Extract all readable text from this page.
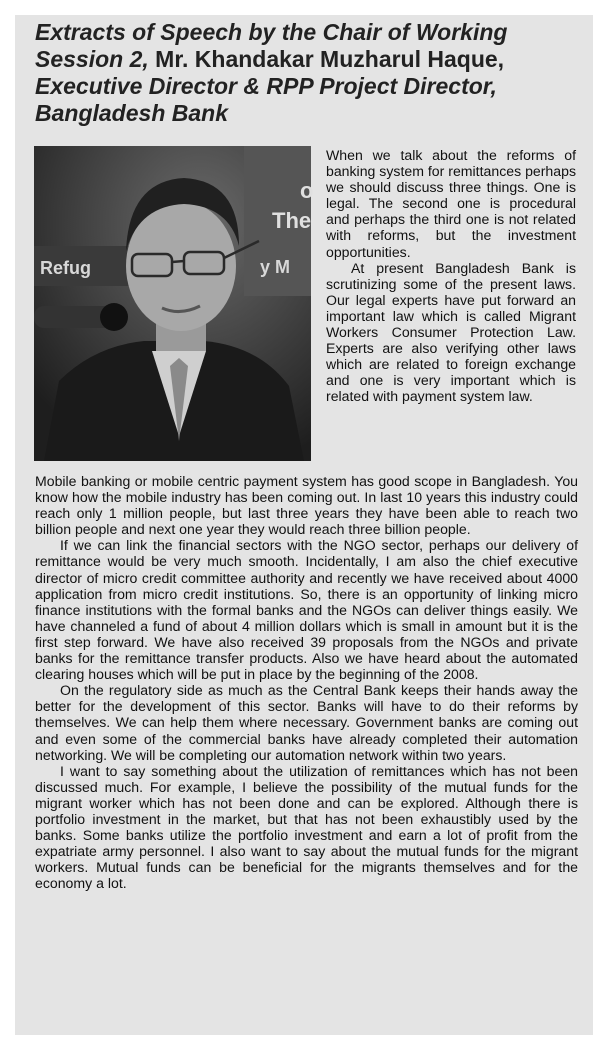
Extracts of Speech by the Chair of Working Session 2, Mr. Khandakar Muzharul Haque,
Executive Director & RPP Project Director, Bangladesh Bank
o
The
Refug	y M

When we talk about the reforms of banking system for remittances perhaps we should discuss three things. One is legal. The second one is procedural and perhaps the third one is not related with reforms, but the investment opportunities.

At present Bangladesh Bank is scrutinizing some of the present laws. Our legal experts have put forward an important law which is called Migrant Workers Consumer Protection Law. Experts are also verifying other laws which are related to foreign exchange and one is very important which is related with payment system law.

Mobile banking or mobile centric payment system has good scope in Bangladesh. You know how the mobile industry has been coming out. In last 10 years this industry could reach only 1 million people, but last three years they have been able to reach two billion people and next one year they would reach three billion people.

If we can link the financial sectors with the NGO sector, perhaps our delivery of remittance would be very much smooth. Incidentally, I am also the chief executive director of micro credit committee authority and recently we have received about 4000 application from micro credit institutions. So, there is an opportunity of linking micro finance institutions with the formal banks and the NGOs can deliver things easily. We have channeled a fund of about 4 million dollars which is small in amount but it is the first step forward. We have also received 39 proposals from the NGOs and private banks for the remittance transfer products. Also we have heard about the automated clearing houses which will be put in place by the beginning of the 2008.

On the regulatory side as much as the Central Bank keeps their hands away the better for the development of this sector. Banks will have to do their reforms by themselves. We can help them where necessary. Government banks are coming out and even some of the commercial banks have already completed their automation networking. We will be completing our automation network within two years.

I want to say something about the utilization of remittances which has not been discussed much. For example, I believe the possibility of the mutual funds for the migrant worker which has not been done and can be explored. Although there is portfolio investment in the market, but that has not been exhaustibly used by the banks. Some banks utilize the portfolio investment and earn a lot of profit from the expatriate army personnel. I also want to say about the mutual funds for the migrant workers. Mutual funds can be beneficial for the migrants themselves and for the economy a lot.
